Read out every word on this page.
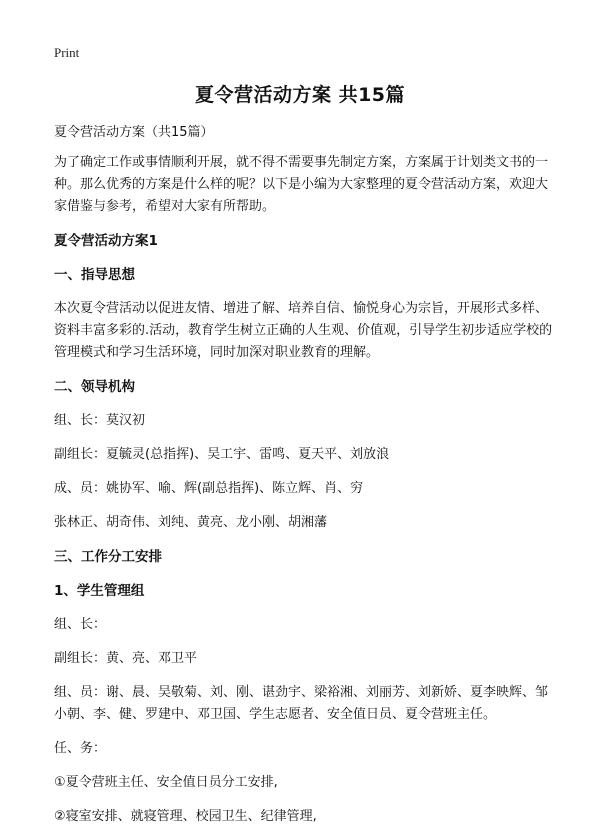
Print
夏令营活动方案 共15篇

夏令营活动方案（共15篇）

为了确定工作或事情顺利开展，就不得不需要事先制定方案，方案属于计划类文书的一种。那么优秀的方案是什么样的呢？以下是小编为大家整理的夏令营活动方案，欢迎大家借鉴与参考，希望对大家有所帮助。

夏令营活动方案1

一、指导思想

本次夏令营活动以促进友情、增进了解、培养自信、愉悦身心为宗旨，开展形式多样、资料丰富多彩的.活动，教育学生树立正确的人生观、价值观，引导学生初步适应学校的管理模式和学习生活环境，同时加深对职业教育的理解。

二、领导机构

组、长：莫汉初

副组长：夏毓灵(总指挥)、吴工宇、雷鸣、夏天平、刘放浪

成、员：姚协军、喻、辉(副总指挥)、陈立辉、肖、穷

张林正、胡奇伟、刘纯、黄亮、龙小刚、胡湘藩

三、工作分工安排

1、学生管理组

组、长：

副组长：黄、亮、邓卫平

组、员：谢、晨、吴敬菊、刘、刚、谌劲宇、梁裕湘、刘丽芳、刘新娇、夏李映辉、邹小朝、李、健、罗建中、邓卫国、学生志愿者、安全值日员、夏令营班主任。

任、务：

①夏令营班主任、安全值日员分工安排,

②寝室安排、就寝管理、校园卫生、纪律管理,
